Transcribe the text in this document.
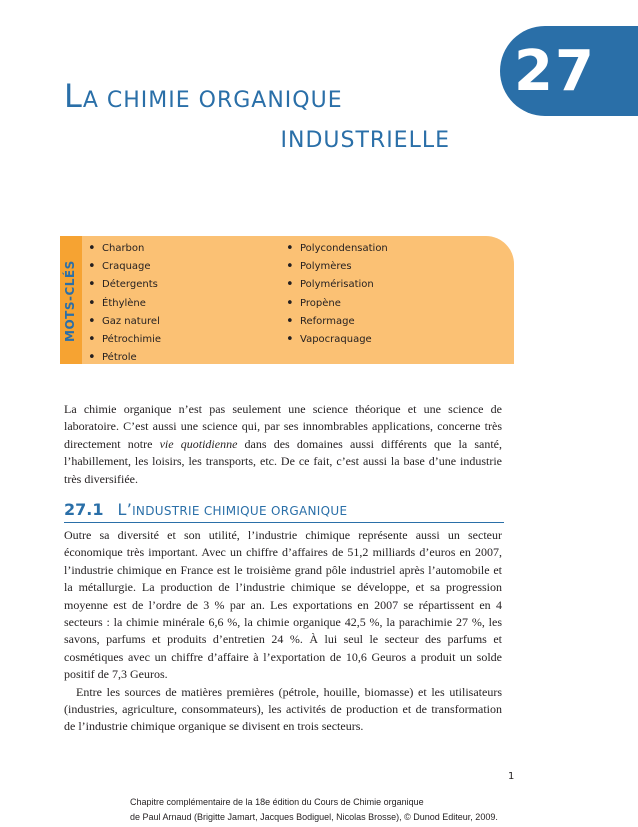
LA CHIMIE ORGANIQUE
INDUSTRIELLE
27
MOTS-CLÉS
• Charbon
• Craquage
• Détergents
• Éthylène
• Gaz naturel
• Pétrochimie
• Pétrole
• Polycondensation
• Polymères
• Polymérisation
• Propène
• Reformage
• Vapocraquage

La chimie organique n’est pas seulement une science théorique et une science de laboratoire. C’est aussi une science qui, par ses innombrables applications, concerne très directement notre vie quotidienne dans des domaines aussi différents que la santé, l’habillement, les loisirs, les transports, etc. De ce fait, c’est aussi la base d’une industrie très diversifiée.

27.1 L’INDUSTRIE CHIMIQUE ORGANIQUE

Outre sa diversité et son utilité, l’industrie chimique représente aussi un secteur économique très important. Avec un chiffre d’affaires de 51,2 milliards d’euros en 2007, l’industrie chimique en France est le troisième grand pôle industriel après l’automobile et la métallurgie. La production de l’industrie chimique se développe, et sa progression moyenne est de l’ordre de 3 % par an. Les exportations en 2007 se répartissent en 4 secteurs : la chimie minérale 6,6 %, la chimie organique 42,5 %, la parachimie 27 %, les savons, parfums et produits d’entretien 24 %. À lui seul le secteur des parfums et cosmétiques avec un chiffre d’affaire à l’exportation de 10,6 Geuros a produit un solde positif de 7,3 Geuros.
Entre les sources de matières premières (pétrole, houille, biomasse) et les utilisateurs (industries, agriculture, consommateurs), les activités de production et de transformation de l’industrie chimique organique se divisent en trois secteurs.

1
Chapitre complémentaire de la 18e édition du Cours de Chimie organique
de Paul Arnaud (Brigitte Jamart, Jacques Bodiguel, Nicolas Brosse), © Dunod Editeur, 2009.
